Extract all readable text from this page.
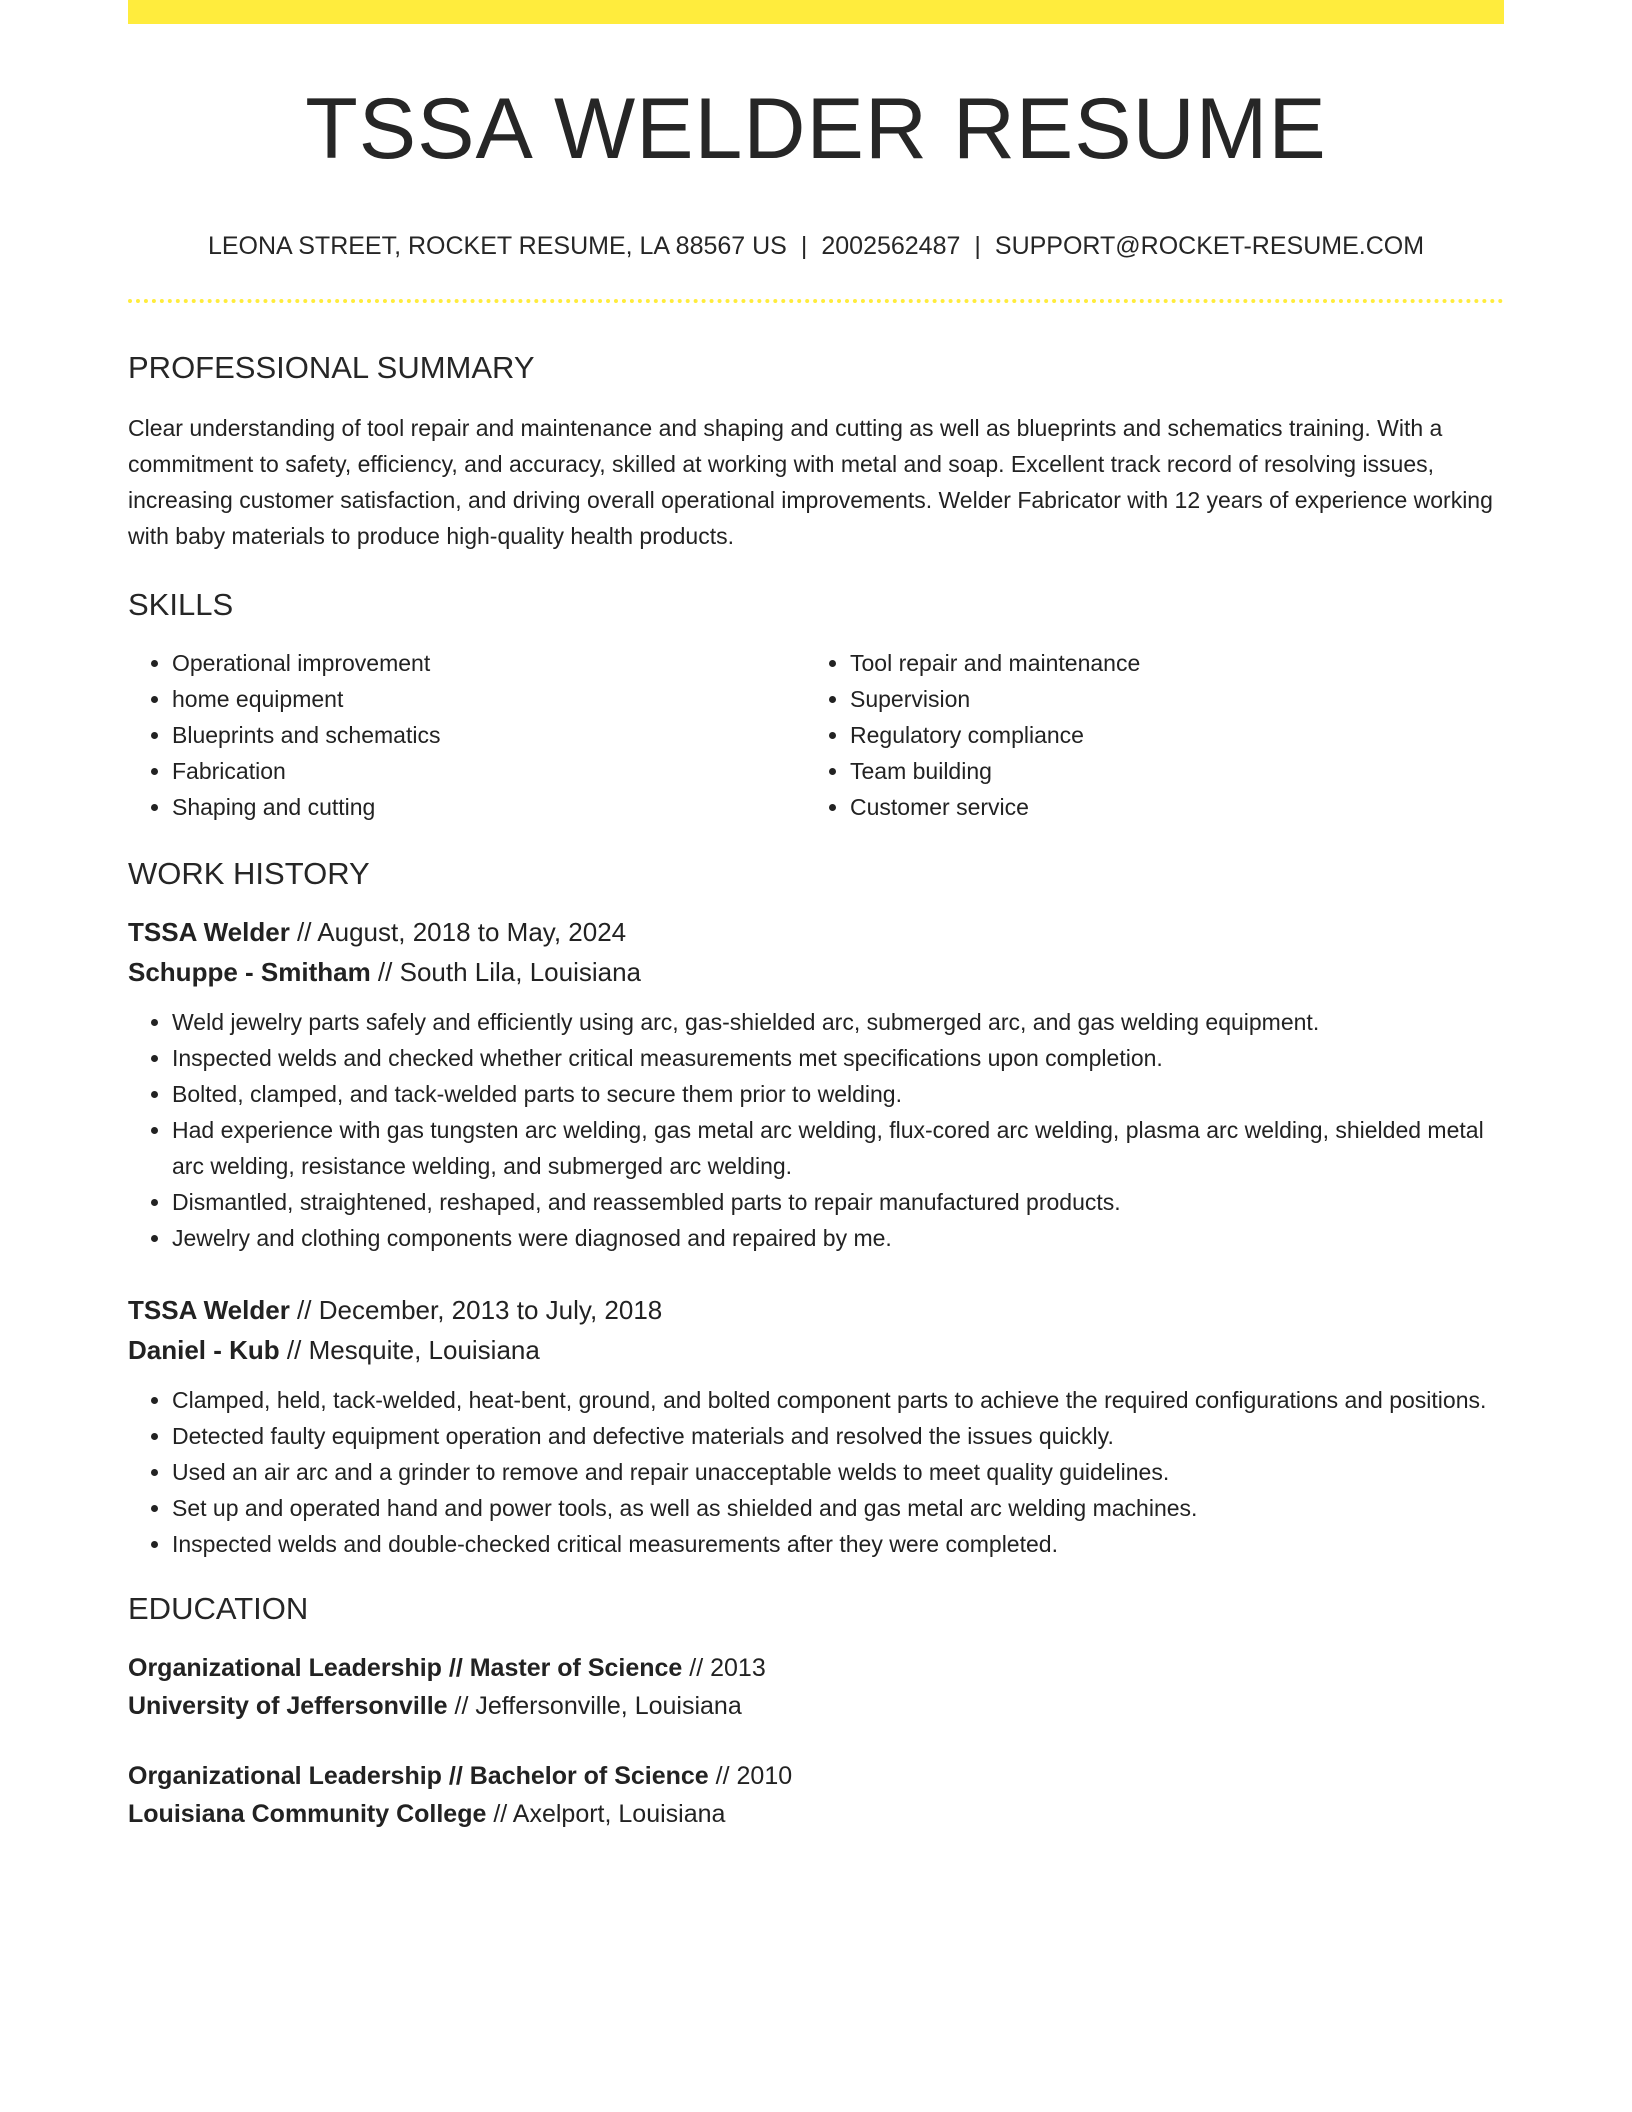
TSSA WELDER RESUME
LEONA STREET, ROCKET RESUME, LA 88567 US | 2002562487 | SUPPORT@ROCKET-RESUME.COM
PROFESSIONAL SUMMARY

Clear understanding of tool repair and maintenance and shaping and cutting as well as blueprints and schematics training. With a commitment to safety, efficiency, and accuracy, skilled at working with metal and soap. Excellent track record of resolving issues, increasing customer satisfaction, and driving overall operational improvements. Welder Fabricator with 12 years of experience working with baby materials to produce high-quality health products.

SKILLS
• Operational improvement
• home equipment
• Blueprints and schematics
• Fabrication
• Shaping and cutting
• Tool repair and maintenance
• Supervision
• Regulatory compliance
• Team building
• Customer service
WORK HISTORY
TSSA Welder // August, 2018 to May, 2024
Schuppe - Smitham // South Lila, Louisiana
• Weld jewelry parts safely and efficiently using arc, gas-shielded arc, submerged arc, and gas welding equipment.
• Inspected welds and checked whether critical measurements met specifications upon completion.
• Bolted, clamped, and tack-welded parts to secure them prior to welding.
• Had experience with gas tungsten arc welding, gas metal arc welding, flux-cored arc welding, plasma arc welding, shielded metal arc welding, resistance welding, and submerged arc welding.
• Dismantled, straightened, reshaped, and reassembled parts to repair manufactured products.
• Jewelry and clothing components were diagnosed and repaired by me.
TSSA Welder // December, 2013 to July, 2018
Daniel - Kub // Mesquite, Louisiana
• Clamped, held, tack-welded, heat-bent, ground, and bolted component parts to achieve the required configurations and positions.
• Detected faulty equipment operation and defective materials and resolved the issues quickly.
• Used an air arc and a grinder to remove and repair unacceptable welds to meet quality guidelines.
• Set up and operated hand and power tools, as well as shielded and gas metal arc welding machines.
• Inspected welds and double-checked critical measurements after they were completed.
EDUCATION
Organizational Leadership // Master of Science // 2013
University of Jeffersonville // Jeffersonville, Louisiana
Organizational Leadership // Bachelor of Science // 2010
Louisiana Community College // Axelport, Louisiana
